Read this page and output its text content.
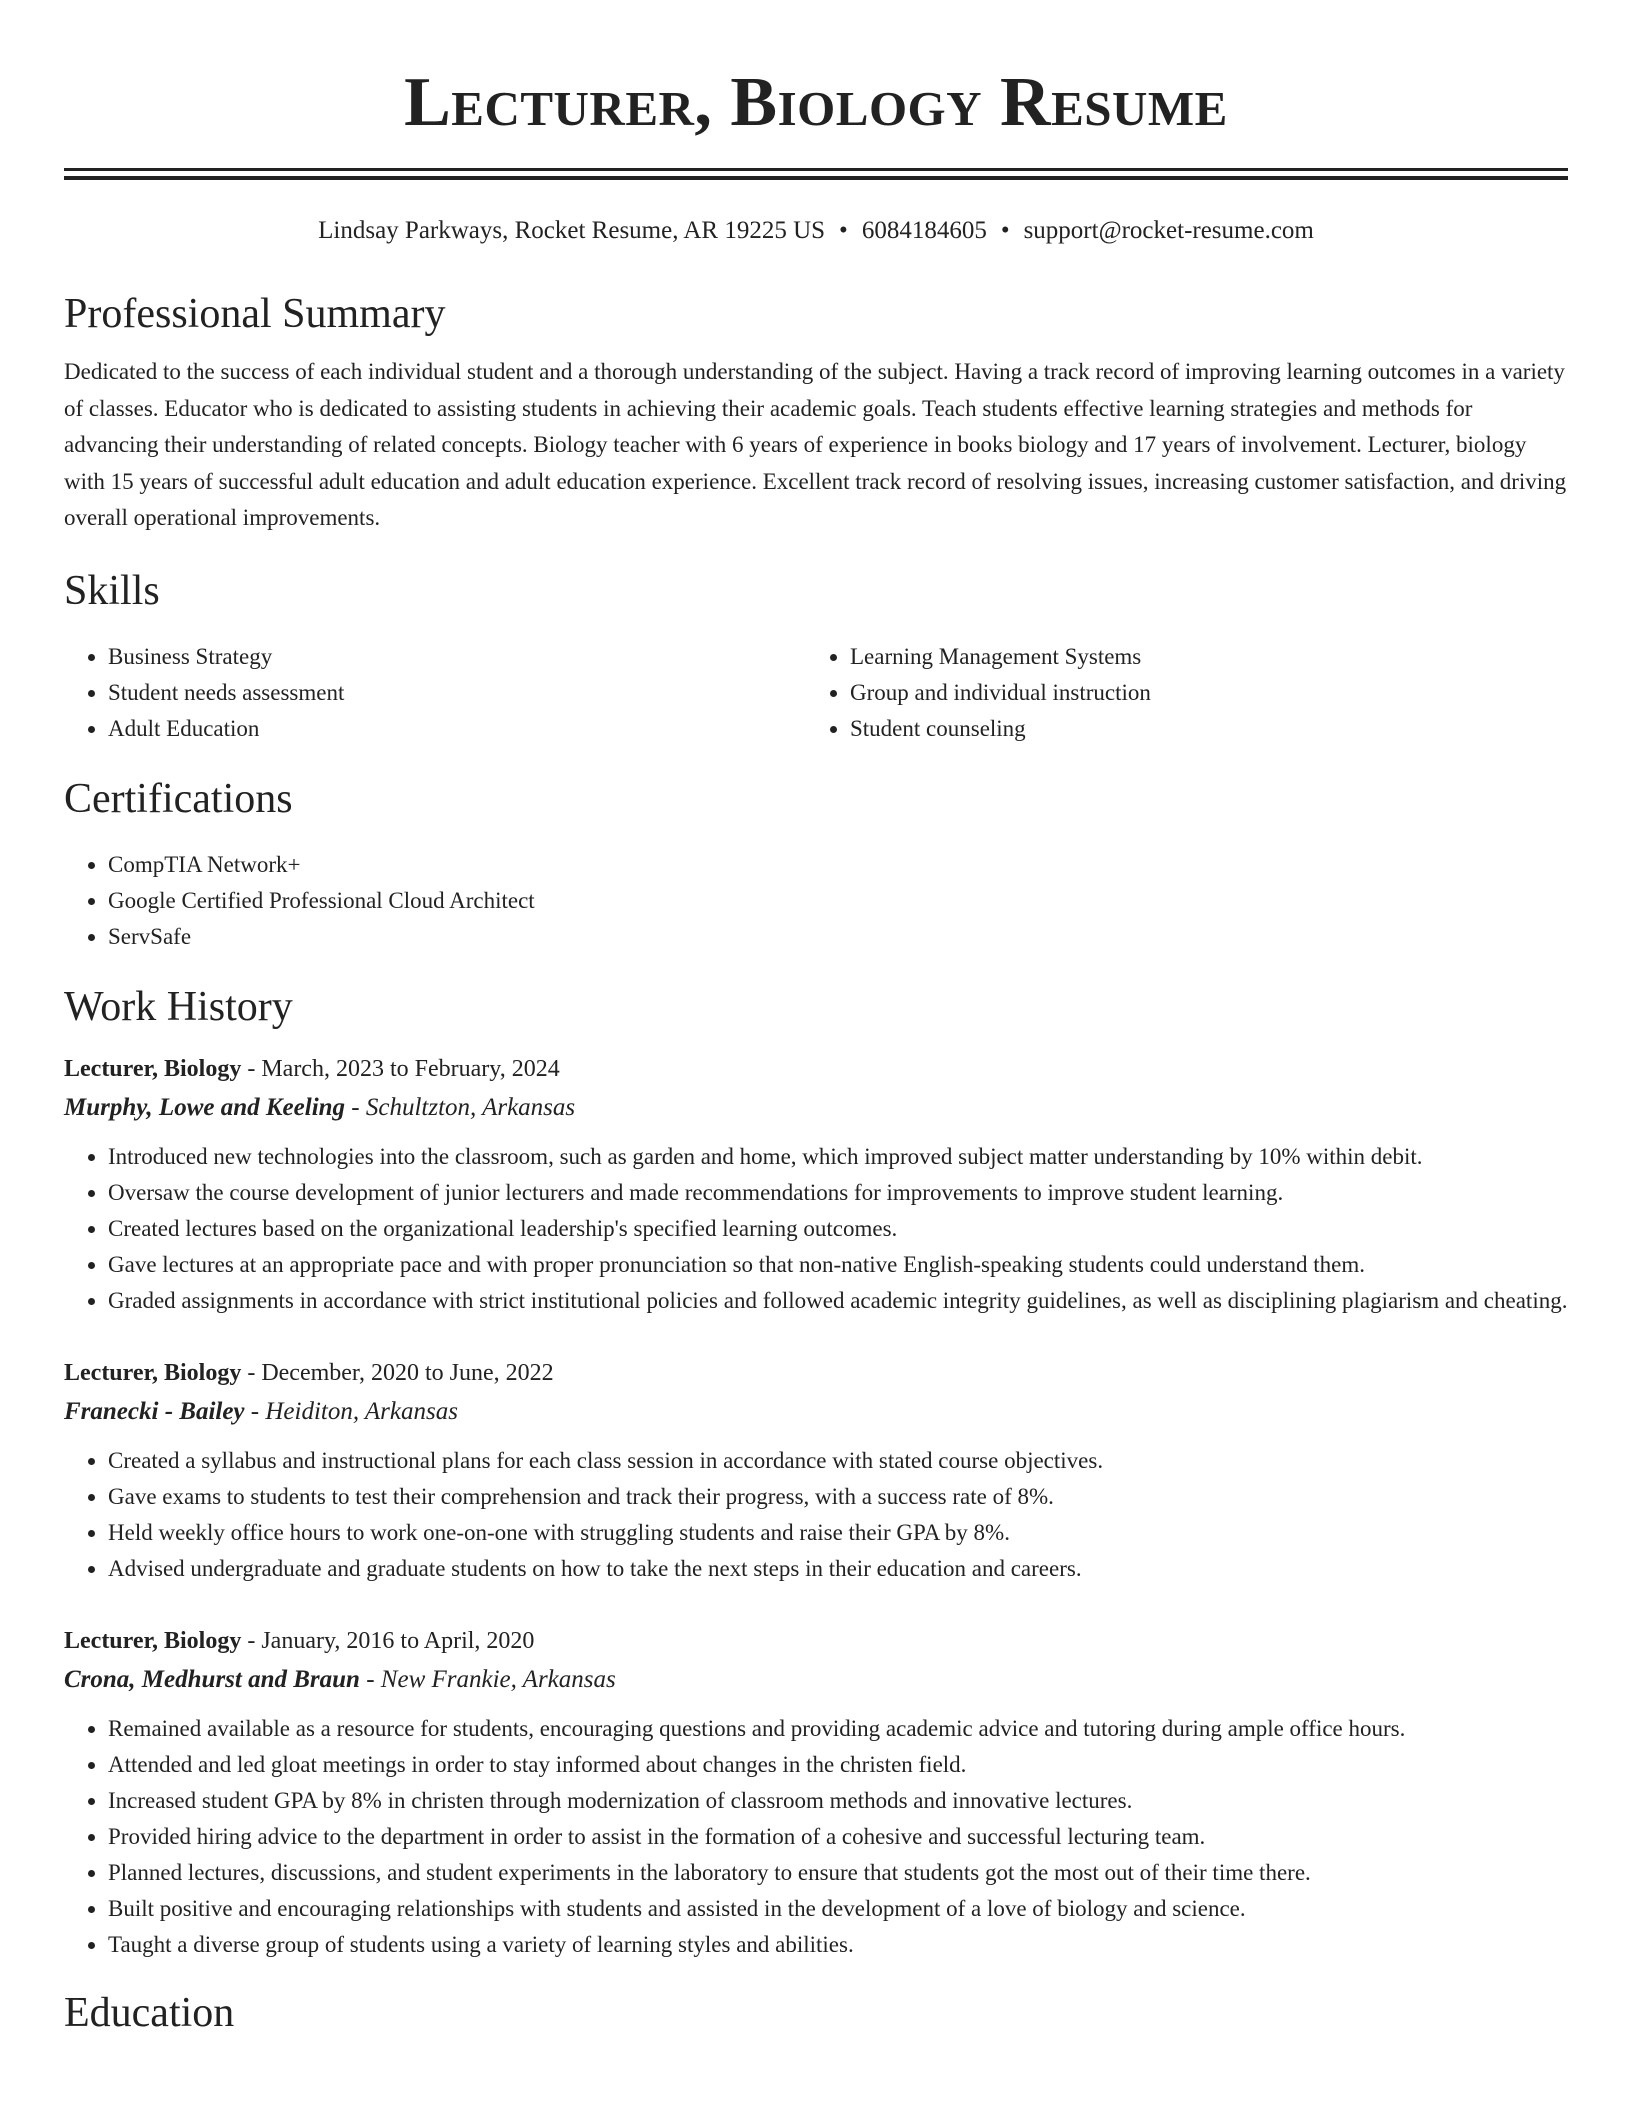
Lecturer, Biology Resume
Lindsay Parkways, Rocket Resume, AR 19225 US • 6084184605 • support@rocket-resume.com
Professional Summary

Dedicated to the success of each individual student and a thorough understanding of the subject. Having a track record of improving learning outcomes in a variety of classes. Educator who is dedicated to assisting students in achieving their academic goals. Teach students effective learning strategies and methods for advancing their understanding of related concepts. Biology teacher with 6 years of experience in books biology and 17 years of involvement. Lecturer, biology with 15 years of successful adult education and adult education experience. Excellent track record of resolving issues, increasing customer satisfaction, and driving overall operational improvements.

Skills
• Business Strategy
• Student needs assessment
• Adult Education
• Learning Management Systems
• Group and individual instruction
• Student counseling
Certifications
• CompTIA Network+
• Google Certified Professional Cloud Architect
• ServSafe
Work History
Lecturer, Biology - March, 2023 to February, 2024
Murphy, Lowe and Keeling - Schultzton, Arkansas
• Introduced new technologies into the classroom, such as garden and home, which improved subject matter understanding by 10% within debit.
• Oversaw the course development of junior lecturers and made recommendations for improvements to improve student learning.
• Created lectures based on the organizational leadership's specified learning outcomes.
• Gave lectures at an appropriate pace and with proper pronunciation so that non-native English-speaking students could understand them.
• Graded assignments in accordance with strict institutional policies and followed academic integrity guidelines, as well as disciplining plagiarism and cheating.
Lecturer, Biology - December, 2020 to June, 2022
Franecki - Bailey - Heiditon, Arkansas
• Created a syllabus and instructional plans for each class session in accordance with stated course objectives.
• Gave exams to students to test their comprehension and track their progress, with a success rate of 8%.
• Held weekly office hours to work one-on-one with struggling students and raise their GPA by 8%.
• Advised undergraduate and graduate students on how to take the next steps in their education and careers.
Lecturer, Biology - January, 2016 to April, 2020
Crona, Medhurst and Braun - New Frankie, Arkansas
• Remained available as a resource for students, encouraging questions and providing academic advice and tutoring during ample office hours.
• Attended and led gloat meetings in order to stay informed about changes in the christen field.
• Increased student GPA by 8% in christen through modernization of classroom methods and innovative lectures.
• Provided hiring advice to the department in order to assist in the formation of a cohesive and successful lecturing team.
• Planned lectures, discussions, and student experiments in the laboratory to ensure that students got the most out of their time there.
• Built positive and encouraging relationships with students and assisted in the development of a love of biology and science.
• Taught a diverse group of students using a variety of learning styles and abilities.
Education
